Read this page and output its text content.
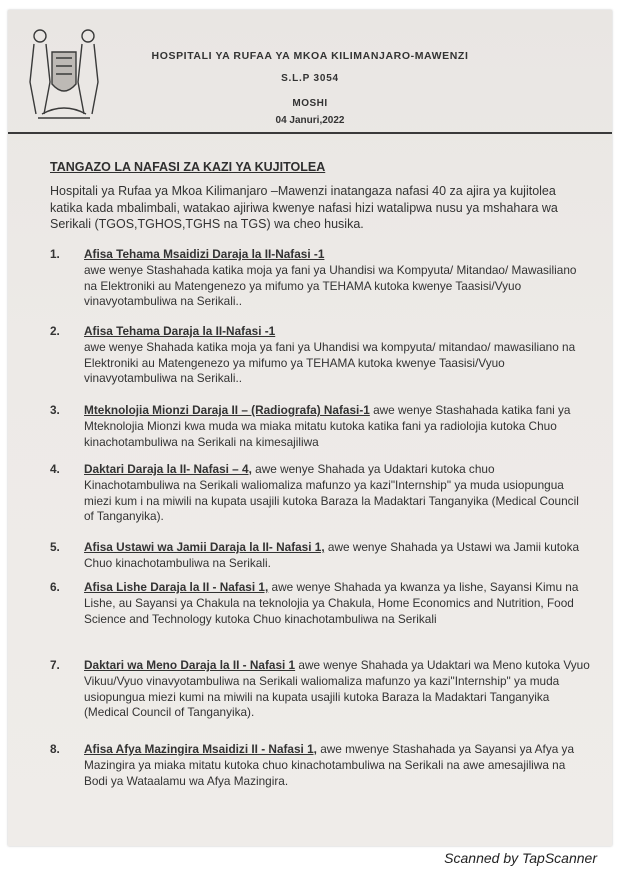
HOSPITALI YA RUFAA YA MKOA KILIMANJARO-MAWENZI
S.L.P 3054
MOSHI
04 Januri,2022
TANGAZO LA NAFASI ZA KAZI YA KUJITOLEA
Hospitali ya Rufaa ya Mkoa Kilimanjaro –Mawenzi inatangaza nafasi 40 za ajira ya kujitolea katika kada mbalimbali, watakao ajiriwa kwenye nafasi hizi watalipwa nusu ya mshahara wa Serikali (TGOS,TGHOS,TGHS na TGS) wa cheo husika.
1. Afisa Tehama Msaidizi Daraja la II-Nafasi -1
awe wenye Stashahada katika moja ya fani ya Uhandisi wa Kompyuta/ Mitandao/ Mawasiliano na Elektroniki au Matengenezo ya mifumo ya TEHAMA kutoka kwenye Taasisi/Vyuo vinavyotambuliwa na Serikali..
2. Afisa Tehama Daraja la II-Nafasi -1
awe wenye Shahada katika moja ya fani ya Uhandisi wa kompyuta/ mitandao/ mawasiliano na Elektroniki au Matengenezo ya mifumo ya TEHAMA kutoka kwenye Taasisi/Vyuo vinavyotambuliwa na Serikali..
3. Mteknolojia Mionzi Daraja II – (Radiografa) Nafasi-1 awe wenye Stashahada katika fani ya Mteknolojia Mionzi kwa muda wa miaka mitatu kutoka katika fani ya radiolojia kutoka Chuo kinachotambuliwa na Serikali na kimesajiliwa
4. Daktari Daraja la II- Nafasi – 4, awe wenye Shahada ya Udaktari kutoka chuo Kinachotambuliwa na Serikali waliomaliza mafunzo ya kazi"Internship" ya muda usiopungua miezi kum i na miwili na kupata usajili kutoka Baraza la Madaktari Tanganyika (Medical Council of Tanganyika).
5. Afisa Ustawi wa Jamii Daraja la II- Nafasi 1, awe wenye Shahada ya Ustawi wa Jamii kutoka Chuo kinachotambuliwa na Serikali.
6. Afisa Lishe Daraja la II - Nafasi 1, awe wenye Shahada ya kwanza ya lishe, Sayansi Kimu na Lishe, au Sayansi ya Chakula na teknolojia ya Chakula, Home Economics and Nutrition, Food Science and Technology kutoka Chuo kinachotambuliwa na Serikali
7. Daktari wa Meno Daraja la II - Nafasi 1 awe wenye Shahada ya Udaktari wa Meno kutoka Vyuo Vikuu/Vyuo vinavyotambuliwa na Serikali waliomaliza mafunzo ya kazi"Internship" ya muda usiopungua miezi kumi na miwili na kupata usajili kutoka Baraza la Madaktari Tanganyika (Medical Council of Tanganyika).
8. Afisa Afya Mazingira Msaidizi II - Nafasi 1, awe mwenye Stashahada ya Sayansi ya Afya ya Mazingira ya miaka mitatu kutoka chuo kinachotambuliwa na Serikali na awe amesajiliwa na Bodi ya Wataalamu wa Afya Mazingira.
Scanned by TapScanner
